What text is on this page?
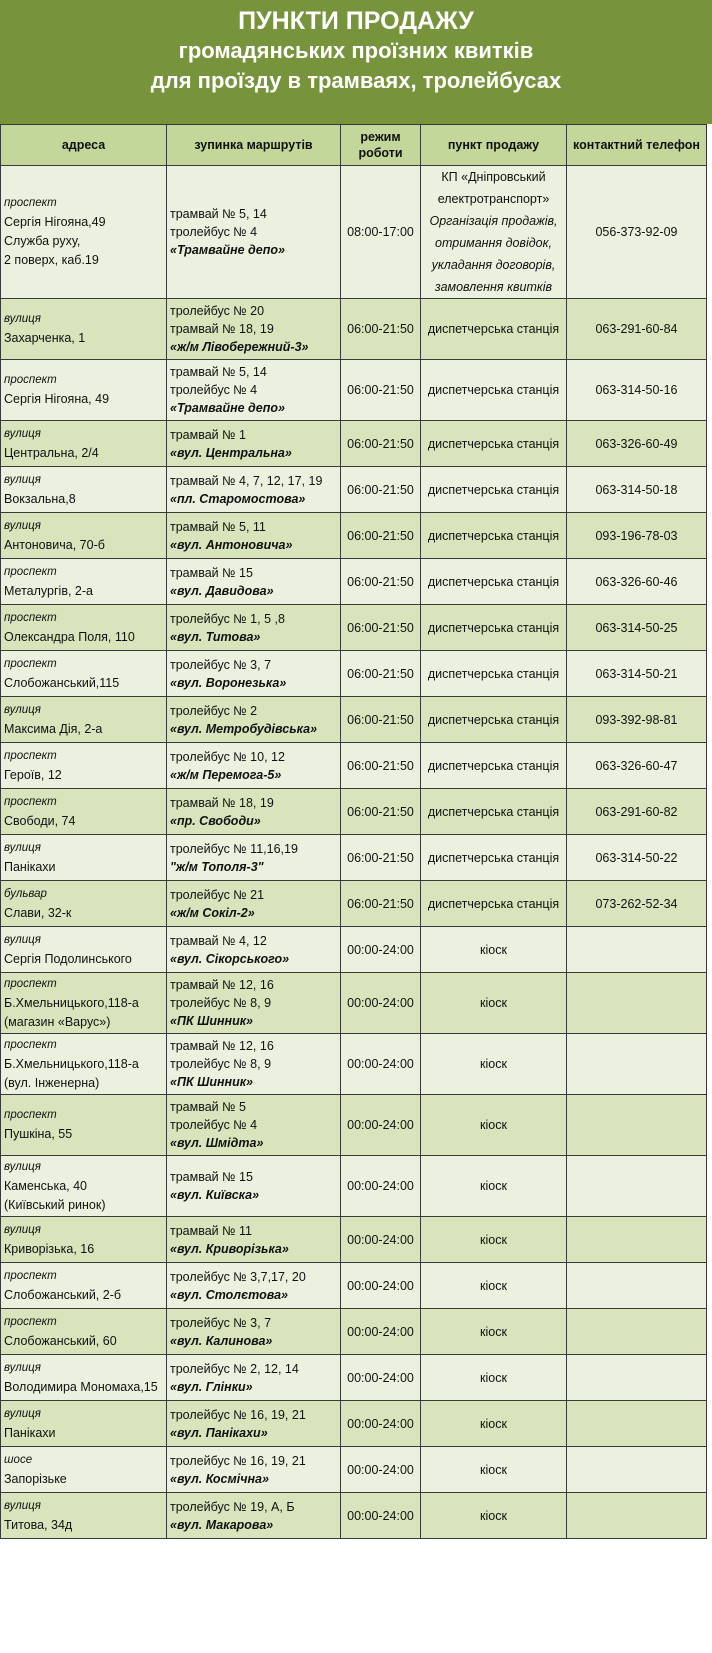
ПУНКТИ ПРОДАЖУ
громадянських проїзних квитків
для проїзду в трамваях, тролейбусах
адреса	зупинка маршрутів	режим роботи	пункт продажу	контактний телефон

проспект
Сергія Нігояна,49
Служба руху,
2 поверх, каб.19	трамвай № 5, 14
тролейбус № 4
«Трамвайне депо»	08:00-17:00	КП «Дніпровський
електротранспорт»
Організація продажів, отримання довідок, укладання договорів, замовлення квитків	056-373-92-09

вулиця
Захарченка, 1	тролейбус № 20
трамвай № 18, 19
«ж/м Лівобережний-3»	06:00-21:50	диспетчерська станція	063-291-60-84

проспект
Сергія Нігояна, 49	трамвай № 5, 14
тролейбус № 4
«Трамвайне депо»	06:00-21:50	диспетчерська станція	063-314-50-16

вулиця
Центральна, 2/4	трамвай № 1
«вул. Центральна»	06:00-21:50	диспетчерська станція	063-326-60-49

вулиця
Вокзальна,8	трамвай № 4, 7, 12, 17, 19
«пл. Старомостова»	06:00-21:50	диспетчерська станція	063-314-50-18

вулиця
Антоновича, 70-б	трамвай № 5, 11
«вул. Антоновича»	06:00-21:50	диспетчерська станція	093-196-78-03

проспект
Металургів, 2-а	трамвай № 15
«вул. Давидова»	06:00-21:50	диспетчерська станція	063-326-60-46

проспект
Олександра Поля, 110	тролейбус № 1, 5 ,8
«вул. Титова»	06:00-21:50	диспетчерська станція	063-314-50-25

проспект
Слобожанський,115	тролейбус № 3, 7
«вул. Воронезька»	06:00-21:50	диспетчерська станція	063-314-50-21

вулиця
Максима Дія, 2-а	тролейбус № 2
«вул. Метробудівська»	06:00-21:50	диспетчерська станція	093-392-98-81

проспект
Героїв, 12	тролейбус № 10, 12
«ж/м Перемога-5»	06:00-21:50	диспетчерська станція	063-326-60-47

проспект
Свободи, 74	трамвай № 18, 19
«пр. Свободи»	06:00-21:50	диспетчерська станція	063-291-60-82

вулиця
Панікахи	тролейбус № 11,16,19
"ж/м Тополя-3"	06:00-21:50	диспетчерська станція	063-314-50-22

бульвар
Слави, 32-к	тролейбус № 21
«ж/м Сокіл-2»	06:00-21:50	диспетчерська станція	073-262-52-34

вулиця
Сергія Подолинського	трамвай № 4, 12
«вул. Сікорського»	00:00-24:00	кіоск	

проспект
Б.Хмельницького,118-а
(магазин «Варус»)	трамвай № 12, 16
тролейбус № 8, 9
«ПК Шинник»	00:00-24:00	кіоск	

проспект
Б.Хмельницького,118-а
(вул. Інженерна)	трамвай № 12, 16
тролейбус № 8, 9
«ПК Шинник»	00:00-24:00	кіоск	

проспект
Пушкіна, 55	трамвай № 5
тролейбус № 4
«вул. Шмідта»	00:00-24:00	кіоск	

вулиця
Каменська, 40
(Київський ринок)	трамвай № 15
«вул. Київска»	00:00-24:00	кіоск	

вулиця
Криворізька, 16	трамвай № 11
«вул. Криворізька»	00:00-24:00	кіоск	

проспект
Слобожанський, 2-б	тролейбус № 3,7,17, 20
«вул. Столєтова»	00:00-24:00	кіоск	

проспект
Слобожанський, 60	тролейбус № 3, 7
«вул. Калинова»	00:00-24:00	кіоск	

вулиця
Володимира Мономаха,15	тролейбус № 2, 12, 14
«вул. Глінки»	00:00-24:00	кіоск	

вулиця
Панікахи	тролейбус № 16, 19, 21
«вул. Панікахи»	00:00-24:00	кіоск	

шосе
Запорізьке	тролейбус № 16, 19, 21
«вул. Космічна»	00:00-24:00	кіоск	

вулиця
Титова, 34д	тролейбус № 19, А, Б
«вул. Макарова»	00:00-24:00	кіоск	
